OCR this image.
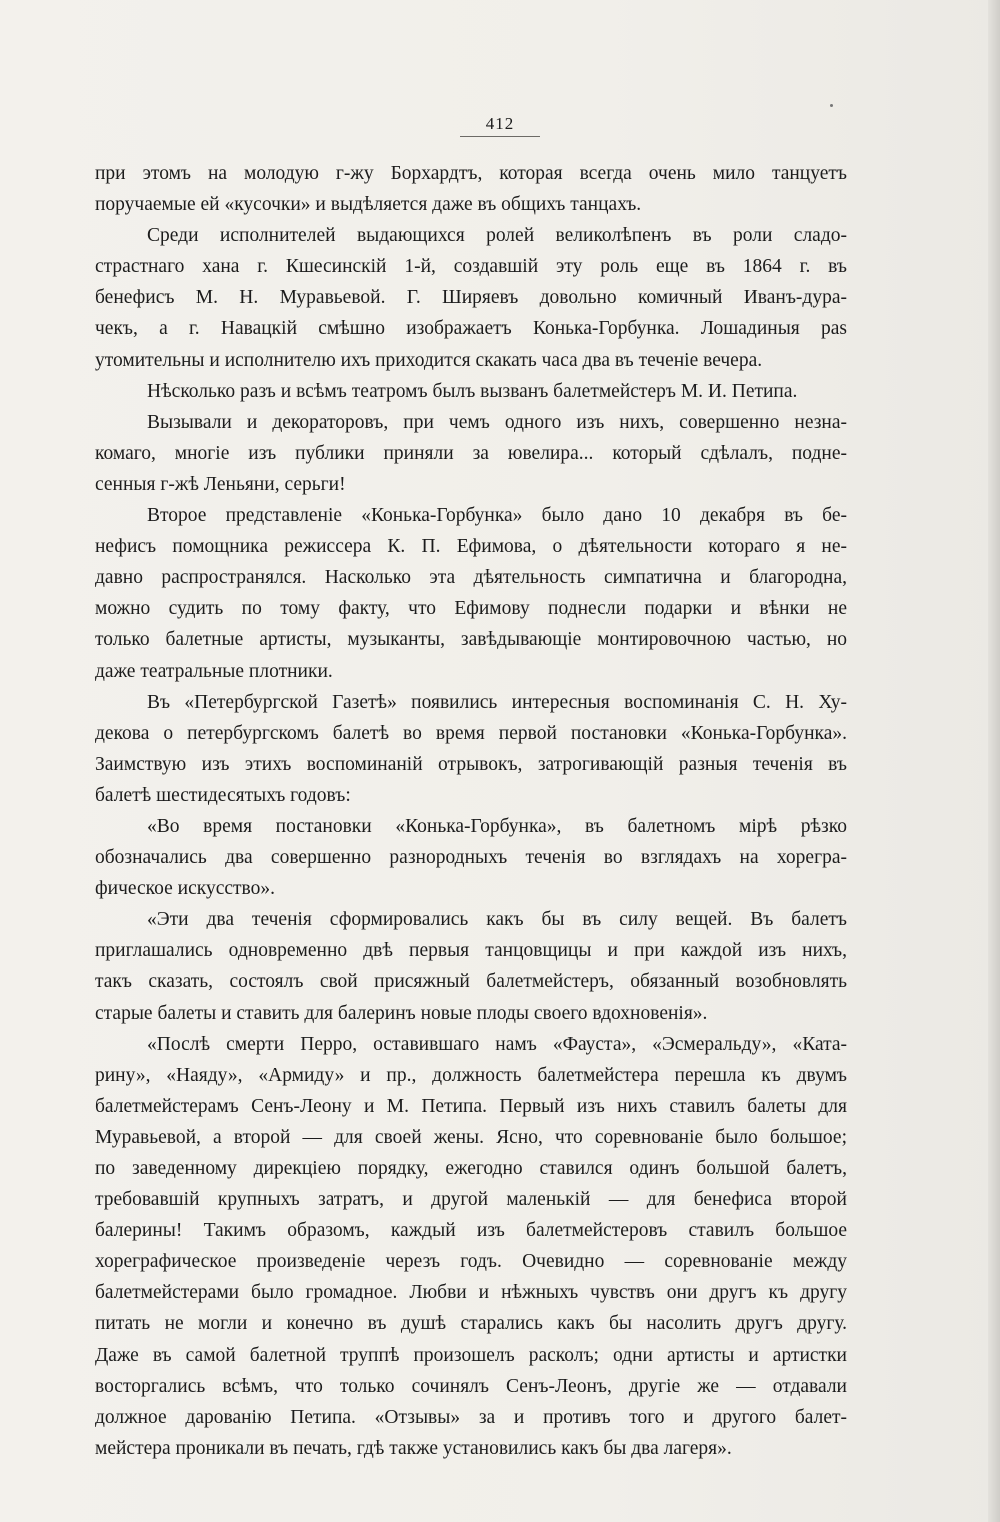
412
при этомъ на молодую г-жу Борхардтъ, которая всегда очень мило танцуетъ
поручаемые ей «кусочки» и выдѣляется даже въ общихъ танцахъ.
Среди исполнителей выдающихся ролей великолѣпенъ въ роли сладо-
страстнаго хана г. Кшесинскій 1-й, создавшій эту роль еще въ 1864 г. въ
бенефисъ М. Н. Муравьевой. Г. Ширяевъ довольно комичный Иванъ-дура-
чекъ, а г. Навацкій смѣшно изображаетъ Конька-Горбунка. Лошадиныя раs
утомительны и исполнителю ихъ приходится скакать часа два въ теченіе вечера.
Нѣсколько разъ и всѣмъ театромъ былъ вызванъ балетмейстеръ М. И. Петипа.
Вызывали и декораторовъ, при чемъ одного изъ нихъ, совершенно незна-
комаго, многіе изъ публики приняли за ювелира... который сдѣлалъ, подне-
сенныя г-жѣ Леньяни, серьги!
Второе представленіе «Конька-Горбунка» было дано 10 декабря въ бе-
нефисъ помощника режиссера К. П. Ефимова, о дѣятельности котораго я не-
давно распространялся. Насколько эта дѣятельность симпатична и благородна,
можно судить по тому факту, что Ефимову поднесли подарки и вѣнки не
только балетные артисты, музыканты, завѣдывающіе монтировочною частью, но
даже театральные плотники.
Въ «Петербургской Газетѣ» появились интересныя воспоминанія С. Н. Ху-
декова о петербургскомъ балетѣ во время первой постановки «Конька-Горбунка».
Заимствую изъ этихъ воспоминаній отрывокъ, затрогивающій разныя теченія въ
балетѣ шестидесятыхъ годовъ:
«Во время постановки «Конька-Горбунка», въ балетномъ мірѣ рѣзко
обозначались два совершенно разнородныхъ теченія во взглядахъ на хорегра-
фическое искусство».
«Эти два теченія сформировались какъ бы въ силу вещей. Въ балетъ
приглашались одновременно двѣ первыя танцовщицы и при каждой изъ нихъ,
такъ сказать, состоялъ свой присяжный балетмейстеръ, обязанный возобновлять
старые балеты и ставить для балеринъ новые плоды своего вдохновенія».
«Послѣ смерти Перро, оставившаго намъ «Фауста», «Эсмеральду», «Ката-
рину», «Наяду», «Армиду» и пр., должность балетмейстера перешла къ двумъ
балетмейстерамъ Сенъ-Леону и М. Петипа. Первый изъ нихъ ставилъ балеты для
Муравьевой, а второй — для своей жены. Ясно, что соревнованіе было большое;
по заведенному дирекціею порядку, ежегодно ставился одинъ большой балетъ,
требовавшій крупныхъ затратъ, и другой маленькій — для бенефиса второй
балерины! Такимъ образомъ, каждый изъ балетмейстеровъ ставилъ большое
хореграфическое произведеніе черезъ годъ. Очевидно — соревнованіе между
балетмейстерами было громадное. Любви и нѣжныхъ чувствъ они другъ къ другу
питать не могли и конечно въ душѣ старались какъ бы насолить другъ другу.
Даже въ самой балетной труппѣ произошелъ расколъ; одни артисты и артистки
восторгались всѣмъ, что только сочинялъ Сенъ-Леонъ, другіе же — отдавали
должное дарованію Петипа. «Отзывы» за и противъ того и другого балет-
мейстера проникали въ печать, гдѣ также установились какъ бы два лагеря».
